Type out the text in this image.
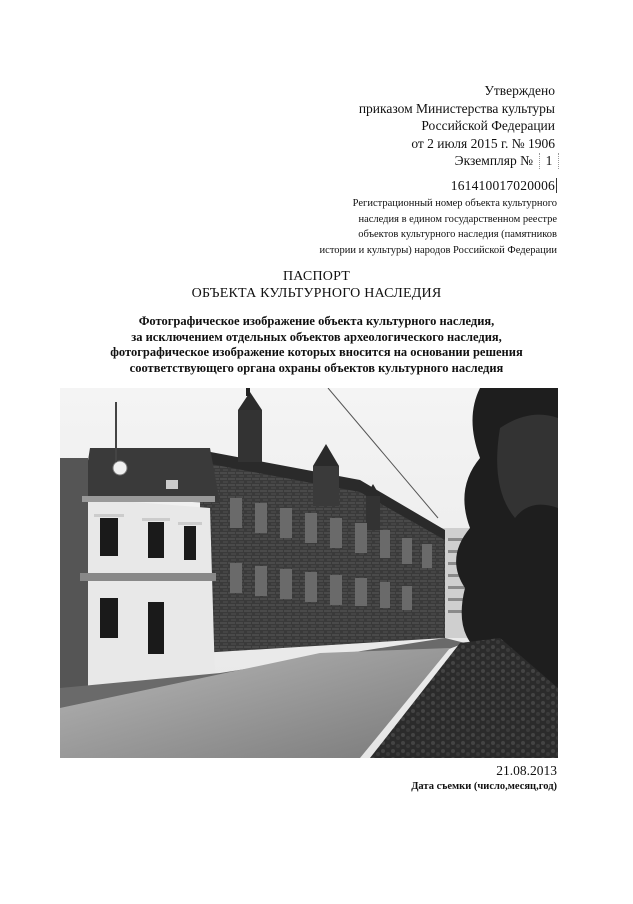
Утверждено
приказом Министерства культуры
Российской Федерации
от 2 июля 2015 г. № 1906
Экземпляр № 1
161410017020006
Регистрационный номер объекта культурного
наследия в едином государственном реестре
объектов культурного наследия (памятников
истории и культуры) народов Российской Федерации
ПАСПОРТ
ОБЪЕКТА КУЛЬТУРНОГО НАСЛЕДИЯ
Фотографическое изображение объекта культурного наследия,
за исключением отдельных объектов археологического наследия,
фотографическое изображение которых вносится на основании решения
соответствующего органа охраны объектов культурного наследия
21.08.2013
Дата съемки (число,месяц,год)
